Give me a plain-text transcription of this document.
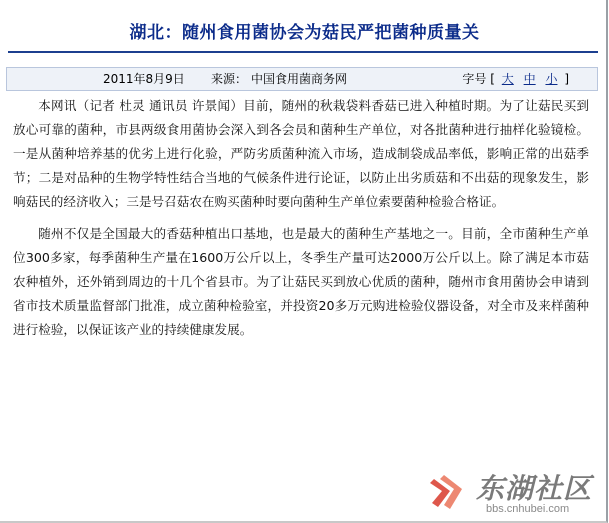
湖北：随州食用菌协会为菇民严把菌种质量关
2011年8月9日 来源： 中国食用菌商务网	字号 [ 大 中 小 ]

本网讯（记者 杜灵 通讯员 许景闻）目前，随州的秋栽袋料香菇已进入种植时期。为了让菇民买到放心可靠的菌种，市县两级食用菌协会深入到各会员和菌种生产单位，对各批菌种进行抽样化验镜检。一是从菌种培养基的优劣上进行化验，严防劣质菌种流入市场，造成制袋成品率低，影响正常的出菇季节；二是对品种的生物学特性结合当地的气候条件进行论证，以防止出劣质菇和不出菇的现象发生，影响菇民的经济收入；三是号召菇农在购买菌种时要向菌种生产单位索要菌种检验合格证。

随州不仅是全国最大的香菇种植出口基地，也是最大的菌种生产基地之一。目前，全市菌种生产单位300多家，每季菌种生产量在1600万公斤以上，冬季生产量可达2000万公斤以上。除了满足本市菇农种植外，还外销到周边的十几个省县市。为了让菇民买到放心优质的菌种，随州市食用菌协会申请到省市技术质量监督部门批准，成立菌种检验室，并投资20多万元购进检验仪器设备，对全市及来样菌种进行检验，以保证该产业的持续健康发展。

东湖社区
bbs.cnhubei.com
